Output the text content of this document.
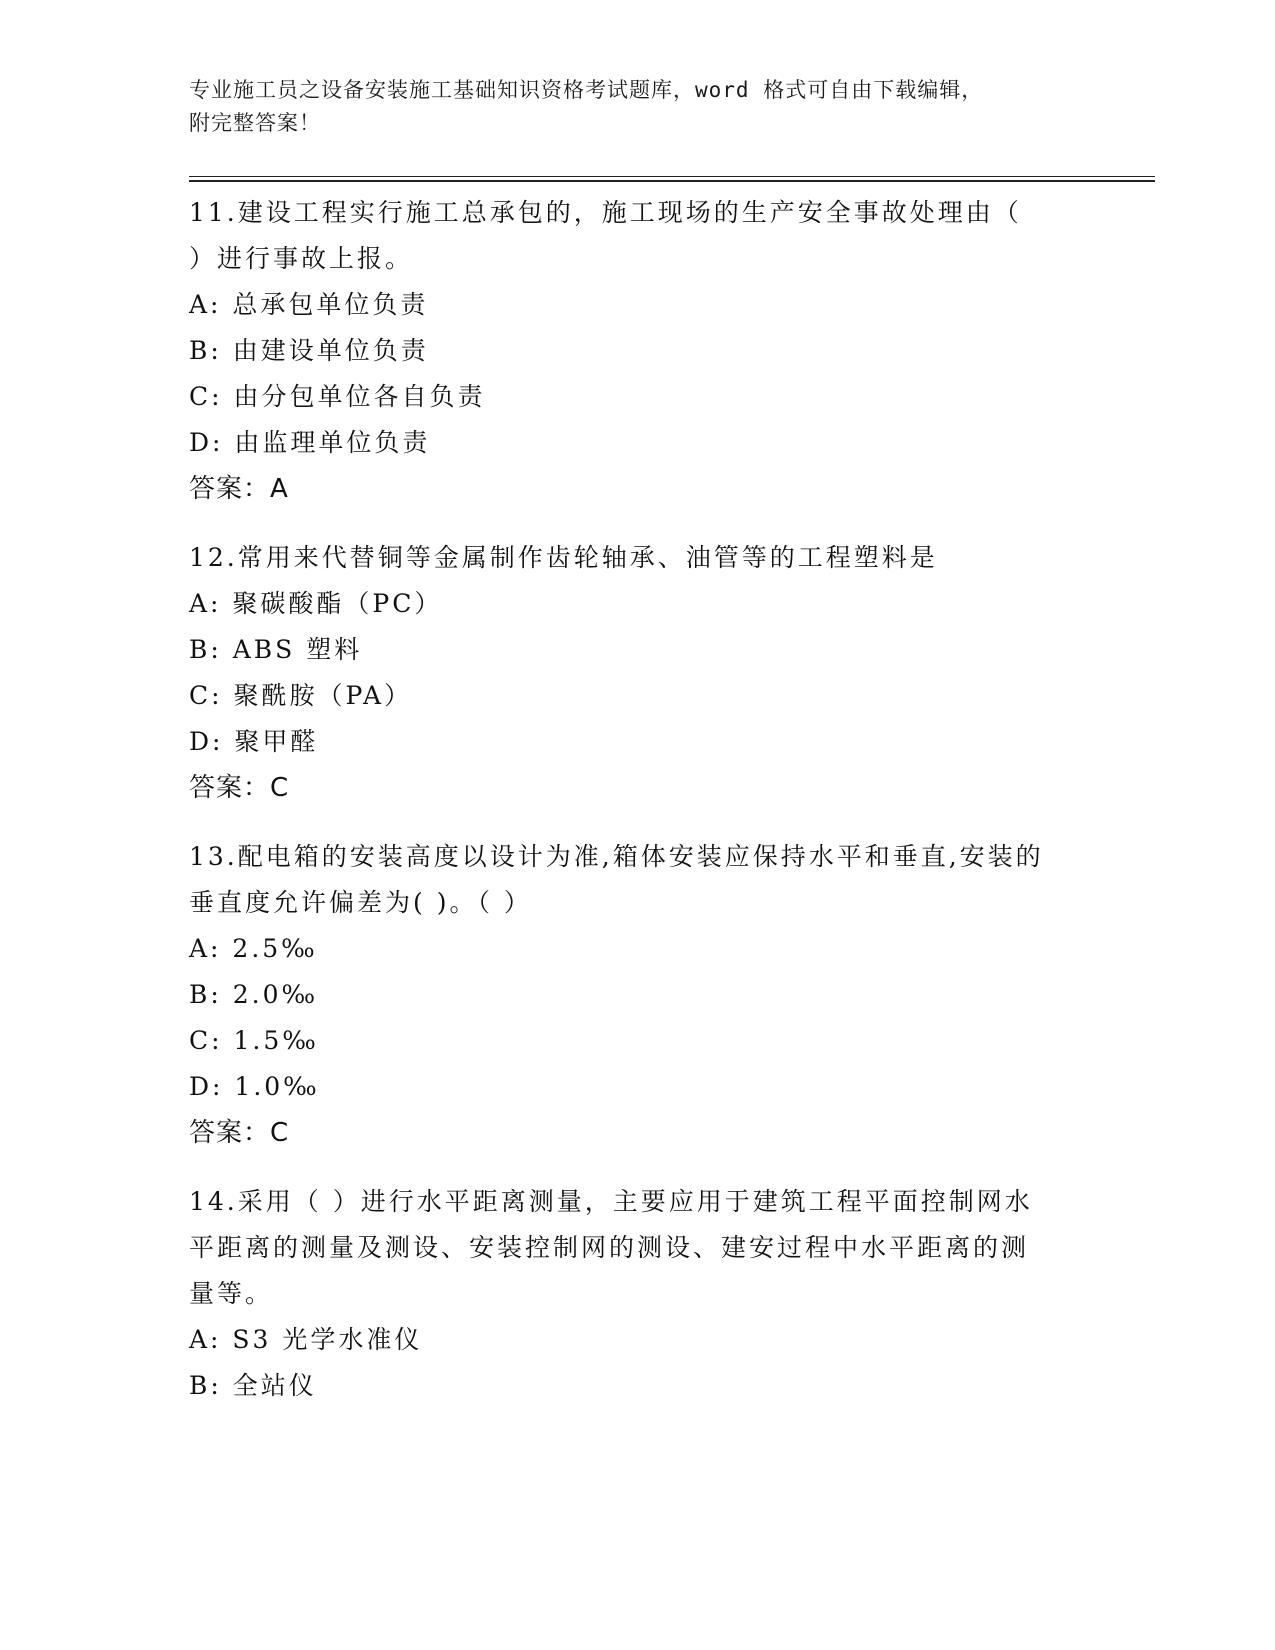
专业施工员之设备安装施工基础知识资格考试题库，word 格式可自由下载编辑，
附完整答案！
11.建设工程实行施工总承包的，施工现场的生产安全事故处理由（
）进行事故上报。
A: 总承包单位负责
B: 由建设单位负责
C: 由分包单位各自负责
D: 由监理单位负责
答案：A
12.常用来代替铜等金属制作齿轮轴承、油管等的工程塑料是
A: 聚碳酸酯（PC）
B: ABS 塑料
C: 聚酰胺（PA）
D: 聚甲醛
答案：C
13.配电箱的安装高度以设计为准,箱体安装应保持水平和垂直,安装的
垂直度允许偏差为( )。（ ）
A: 2.5‰
B: 2.0‰
C: 1.5‰
D: 1.0‰
答案：C
14.采用（ ）进行水平距离测量，主要应用于建筑工程平面控制网水
平距离的测量及测设、安装控制网的测设、建安过程中水平距离的测
量等。
A: S3 光学水准仪
B: 全站仪
